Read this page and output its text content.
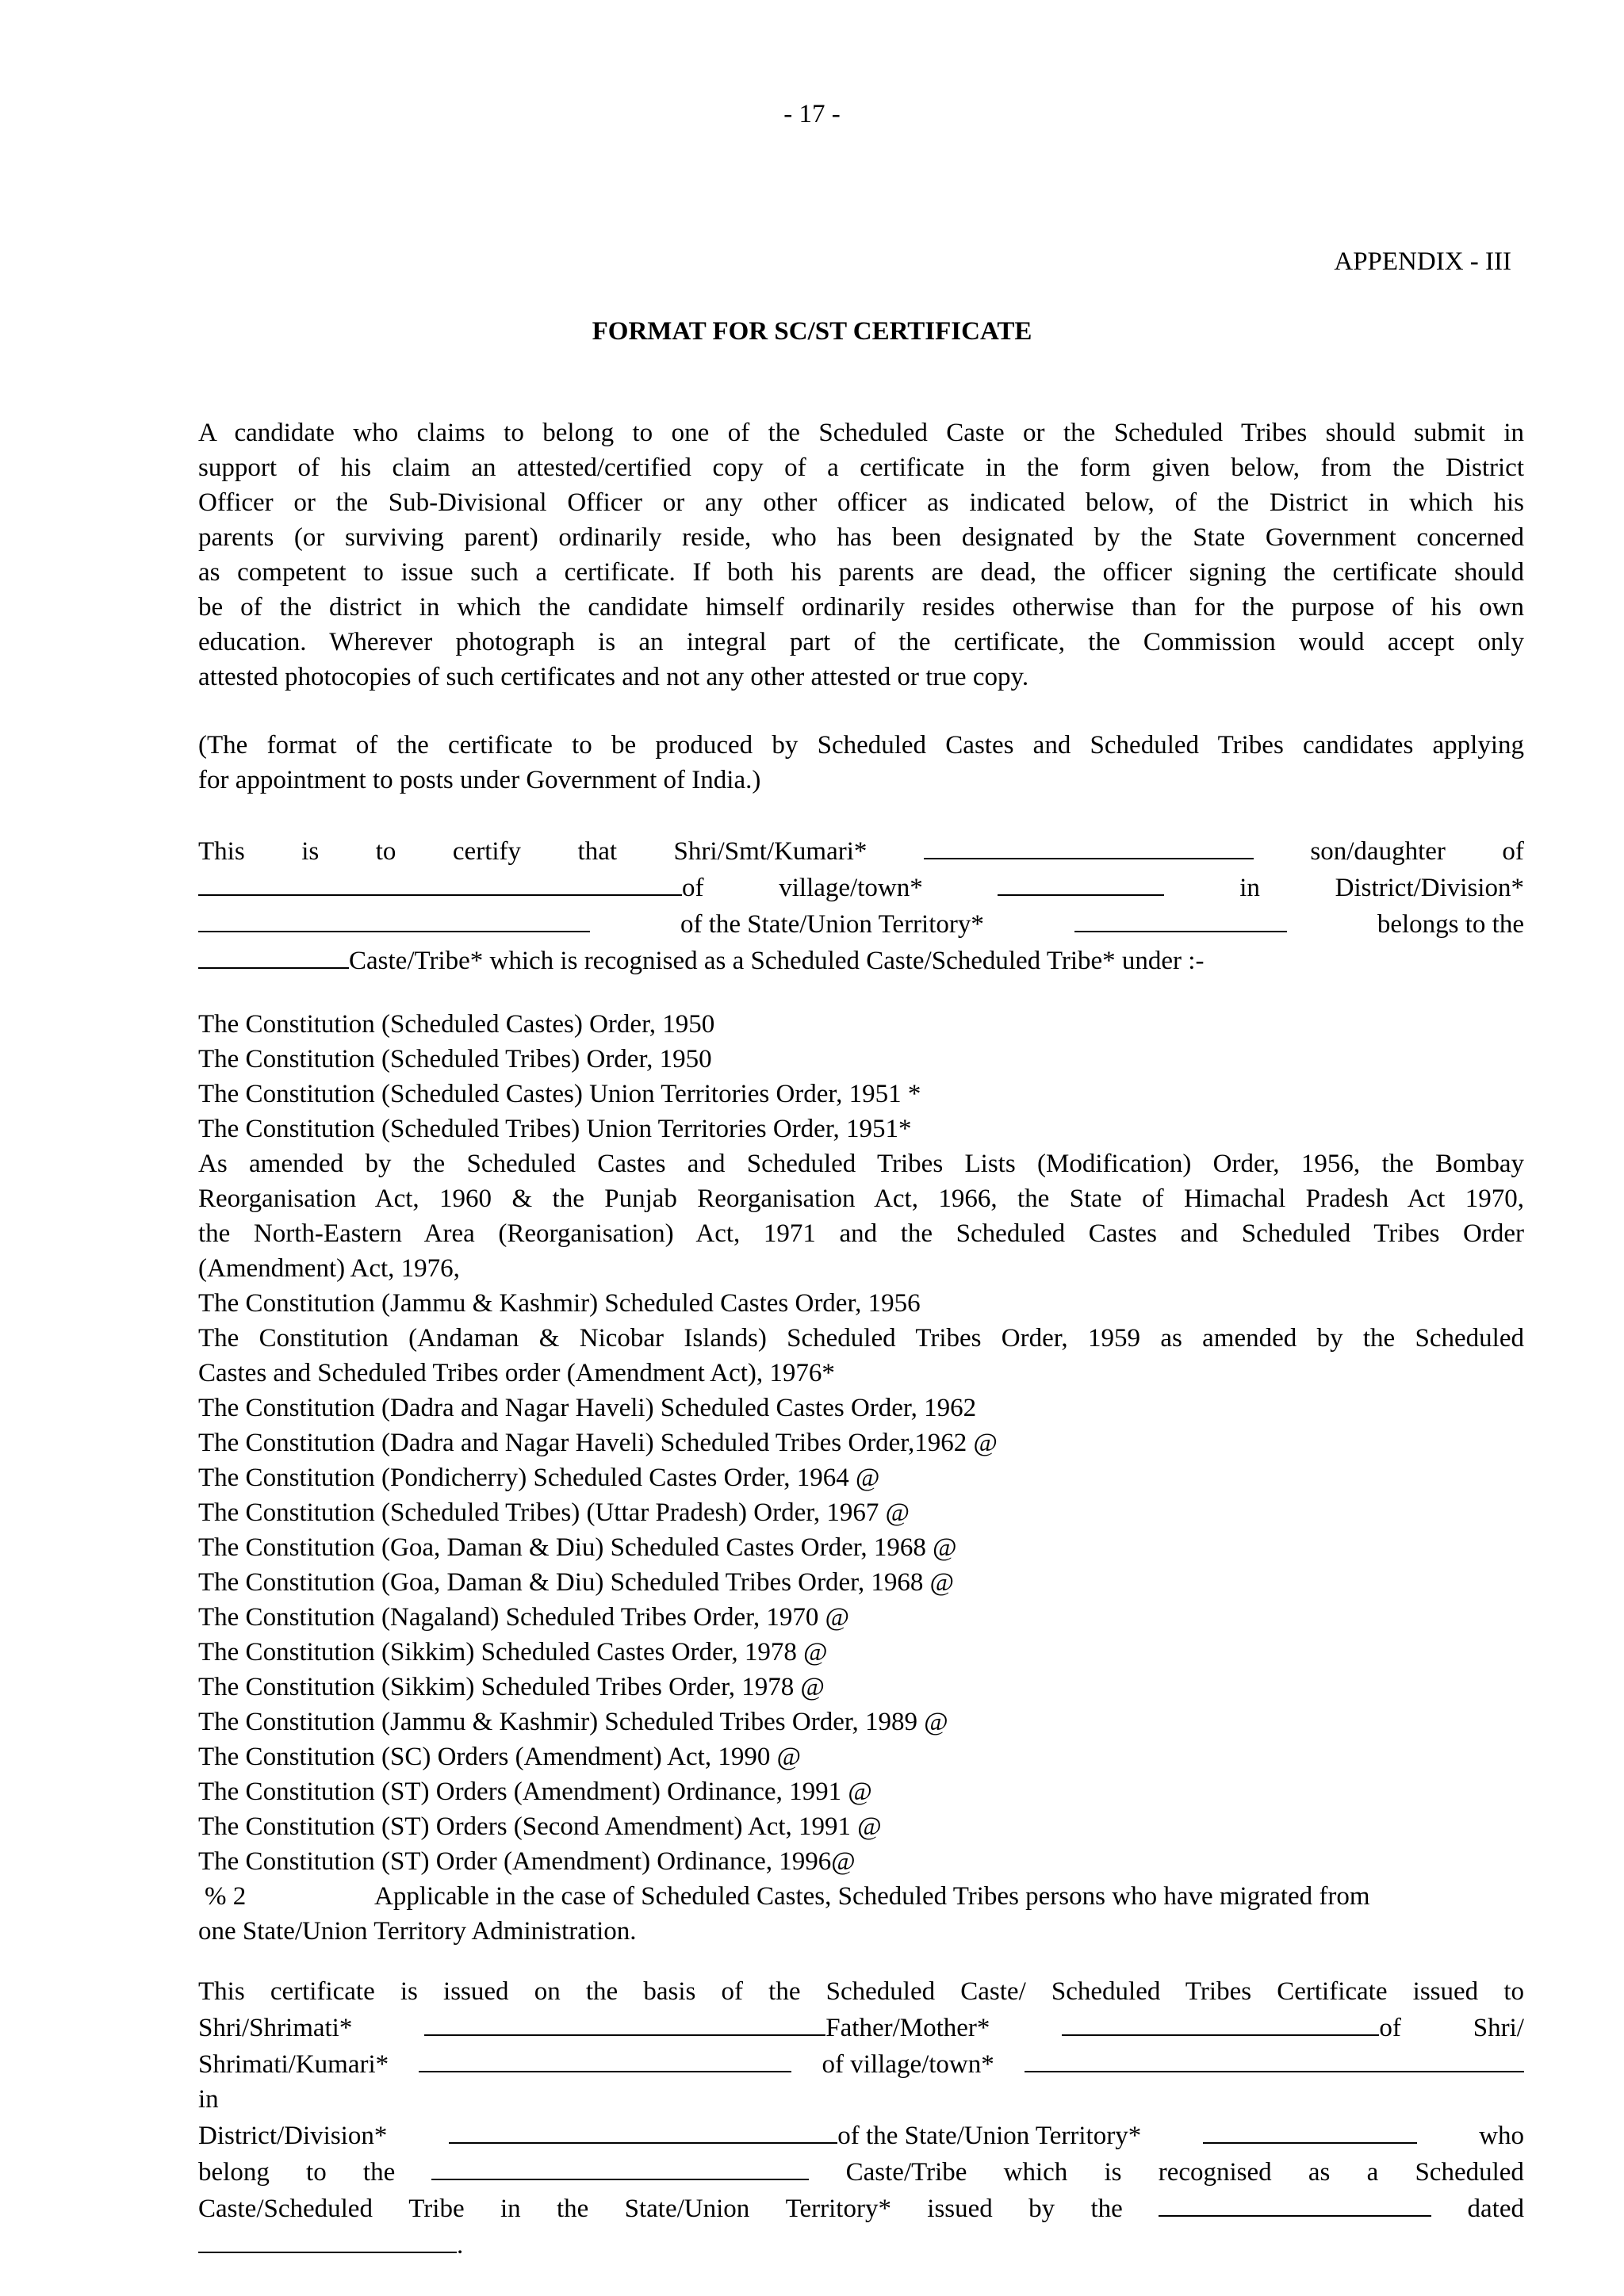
- 17 -
APPENDIX - III
FORMAT FOR SC/ST CERTIFICATE
A candidate who claims to belong to one of the Scheduled Caste or the Scheduled Tribes should submit in
support of his claim an attested/certified copy of a certificate in the form given below, from the District
Officer or the Sub-Divisional Officer or any other officer as indicated below, of the District in which his
parents (or surviving parent) ordinarily reside, who has been designated by the State Government concerned
as competent to issue such a certificate. If both his parents are dead, the officer signing the certificate should
be of the district in which the candidate himself ordinarily resides otherwise than for the purpose of his own
education. Wherever photograph is an integral part of the certificate, the Commission would accept only
attested photocopies of such certificates and not any other attested or true copy.
(The format of the certificate to be produced by Scheduled Castes and Scheduled Tribes candidates applying
for appointment to posts under Government of India.)
This is to certify that Shri/Smt/Kumari*	son/daughter of
of	village/town*	in	District/Division*
of the State/Union Territory*	belongs to the
Caste/Tribe* which is recognised as a Scheduled Caste/Scheduled Tribe* under :-
The Constitution (Scheduled Castes) Order, 1950
The Constitution (Scheduled Tribes) Order, 1950
The Constitution (Scheduled Castes) Union Territories Order, 1951 *
The Constitution (Scheduled Tribes) Union Territories Order, 1951*
As amended by the Scheduled Castes and Scheduled Tribes Lists (Modification) Order, 1956, the Bombay
Reorganisation Act, 1960 & the Punjab Reorganisation Act, 1966, the State of Himachal Pradesh Act 1970,
the North-Eastern Area (Reorganisation) Act, 1971 and the Scheduled Castes and Scheduled Tribes Order
(Amendment) Act, 1976,
The Constitution (Jammu & Kashmir) Scheduled Castes Order, 1956
The Constitution (Andaman & Nicobar Islands) Scheduled Tribes Order, 1959 as amended by the Scheduled
Castes and Scheduled Tribes order (Amendment Act), 1976*
The Constitution (Dadra and Nagar Haveli) Scheduled Castes Order, 1962
The Constitution (Dadra and Nagar Haveli) Scheduled Tribes Order,1962 @
The Constitution (Pondicherry) Scheduled Castes Order, 1964 @
The Constitution (Scheduled Tribes) (Uttar Pradesh) Order, 1967 @
The Constitution (Goa, Daman & Diu) Scheduled Castes Order, 1968 @
The Constitution (Goa, Daman & Diu) Scheduled Tribes Order, 1968 @
The Constitution (Nagaland) Scheduled Tribes Order, 1970 @
The Constitution (Sikkim) Scheduled Castes Order, 1978 @
The Constitution (Sikkim) Scheduled Tribes Order, 1978 @
The Constitution (Jammu & Kashmir) Scheduled Tribes Order, 1989 @
The Constitution (SC) Orders (Amendment) Act, 1990 @
The Constitution (ST) Orders (Amendment) Ordinance, 1991 @
The Constitution (ST) Orders (Second Amendment) Act, 1991 @
The Constitution (ST) Order (Amendment) Ordinance, 1996@
% 2	Applicable in the case of Scheduled Castes, Scheduled Tribes persons who have migrated from
one State/Union Territory Administration.
This certificate is issued on the basis of the Scheduled Caste/ Scheduled Tribes Certificate issued to
Shri/Shrimati*	Father/Mother*	of	Shri/
Shrimati/Kumari*	of village/town*
in
District/Division*	of the State/Union Territory*	who
belong to the	Caste/Tribe which is recognised as a Scheduled
Caste/Scheduled Tribe in the State/Union Territory* issued by the	dated
.
